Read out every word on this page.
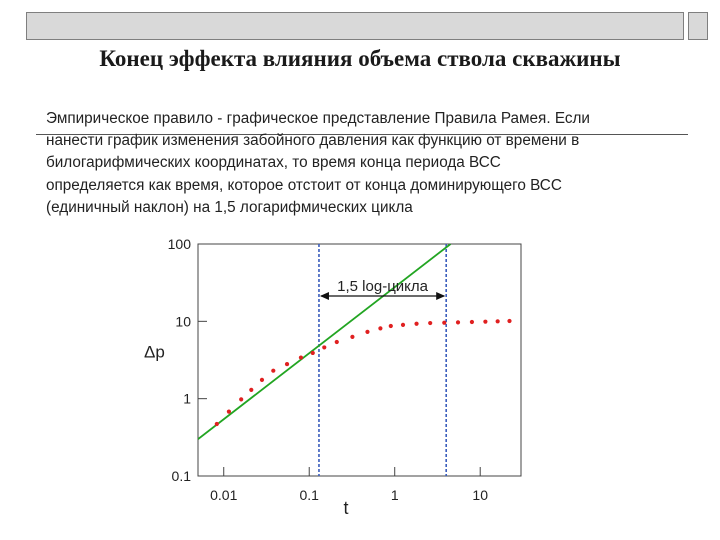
Конец эффекта влияния объема ствола скважины
Эмпирическое правило - графическое представление Правила Рамея. Если
нанести график изменения забойного давления как функцию от времени в
билогарифмических координатах, то время конца периода ВСС
определяется как время, которое отстоит от конца доминирующего ВСС
(единичный наклон) на 1,5 логарифмических цикла
100
10
1
0.1
0.01	0.1	1	10
Δp
t
1,5 log-цикла
